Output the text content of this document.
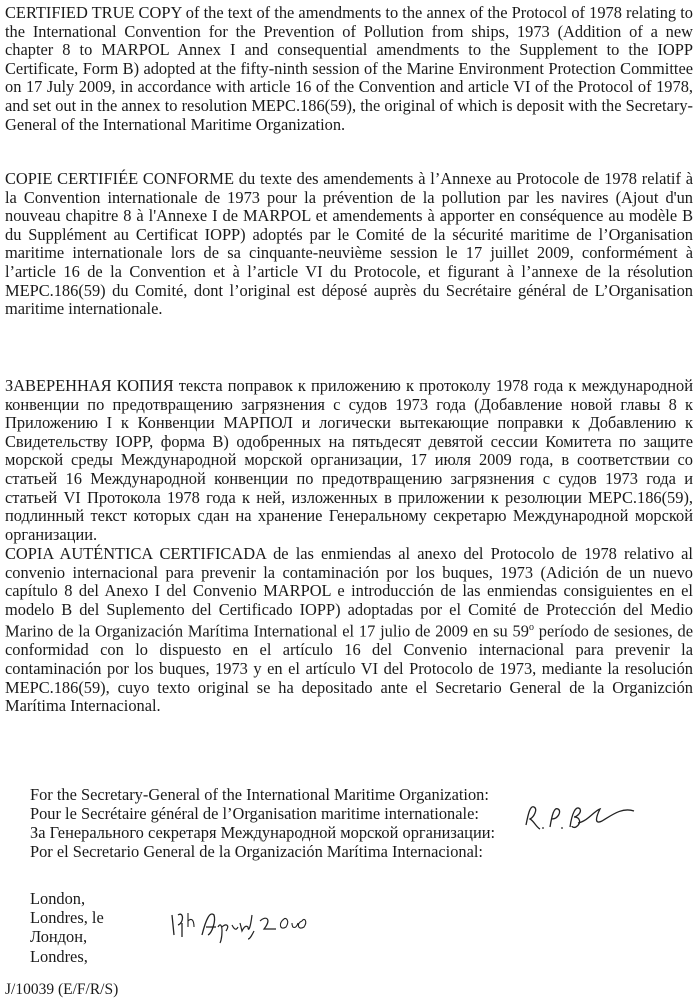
CERTIFIED TRUE COPY of the text of the amendments to the annex of the Protocol of 1978 relating to the International Convention for the Prevention of Pollution from ships, 1973 (Addition of a new chapter 8 to MARPOL Annex I and consequential amendments to the Supplement to the IOPP Certificate, Form B) adopted at the fifty-ninth session of the Marine Environment Protection Committee on 17 July 2009, in accordance with article 16 of the Convention and article VI of the Protocol of 1978, and set out in the annex to resolution MEPC.186(59), the original of which is deposit with the Secretary-General of the International Maritime Organization.

COPIE CERTIFIÉE CONFORME du texte des amendements à l’Annexe au Protocole de 1978 relatif à la Convention internationale de 1973 pour la prévention de la pollution par les navires (Ajout d'un nouveau chapitre 8 à l'Annexe I de MARPOL et amendements à apporter en conséquence au modèle B du Supplément au Certificat IOPP) adoptés par le Comité de la sécurité maritime de l’Organisation maritime internationale lors de sa cinquante-neuvième session le 17 juillet 2009, conformément à l’article 16 de la Convention et à l’article VI du Protocole, et figurant à l’annexe de la résolution MEPC.186(59) du Comité, dont l’original est déposé auprès du Secrétaire général de L’Organisation maritime internationale.

ЗАВЕРЕННАЯ КОПИЯ текста поправок к приложению к протоколу 1978 года к международной конвенции по предотвращению загрязнения с судов 1973 года (Добавление новой главы 8 к Приложению I к Конвенции МАРПОЛ и логически вытекающие поправки к Добавлению к Свидетельству IOPP, форма B) одобренных на пятьдесят девятой сессии Комитета по защите морской среды Международной морской организации, 17 июля 2009 года, в соответствии со статьей 16 Международной конвенции по предотвращению загрязнения с судов 1973 года и статьей VI Протокола 1978 года к ней, изложенных в приложении к резолюции МЕРС.186(59), подлинный текст которых сдан на хранение Генеральному секретарю Международной морской организации.

COPIA AUTÉNTICA CERTIFICADA de las enmiendas al anexo del Protocolo de 1978 relativo al convenio internacional para prevenir la contaminación por los buques, 1973 (Adición de un nuevo capítulo 8 del Anexo I del Convenio MARPOL e introducción de las enmiendas consiguientes en el modelo B del Suplemento del Certificado IOPP) adoptadas por el Comité de Protección del Medio Marino de la Organización Marítima International el 17 julio de 2009 en su 59$^o$ período de sesiones, de conformidad con lo dispuesto en el artículo 16 del Convenio internacional para prevenir la contaminación por los buques, 1973 y en el artículo VI del Protocolo de 1973, mediante la resolución MEPC.186(59), cuyo texto original se ha depositado ante el Secretario General de la Organizción Marítima Internacional.

For the Secretary-General of the International Maritime Organization:
Pour le Secrétaire général de l’Organisation maritime internationale:
За Генерального секретаря Международной морской организации:
Por el Secretario General de la Organización Marítima Internacional:
London,
Londres, le
Лондон,
Londres,
J/10039 (E/F/R/S)
